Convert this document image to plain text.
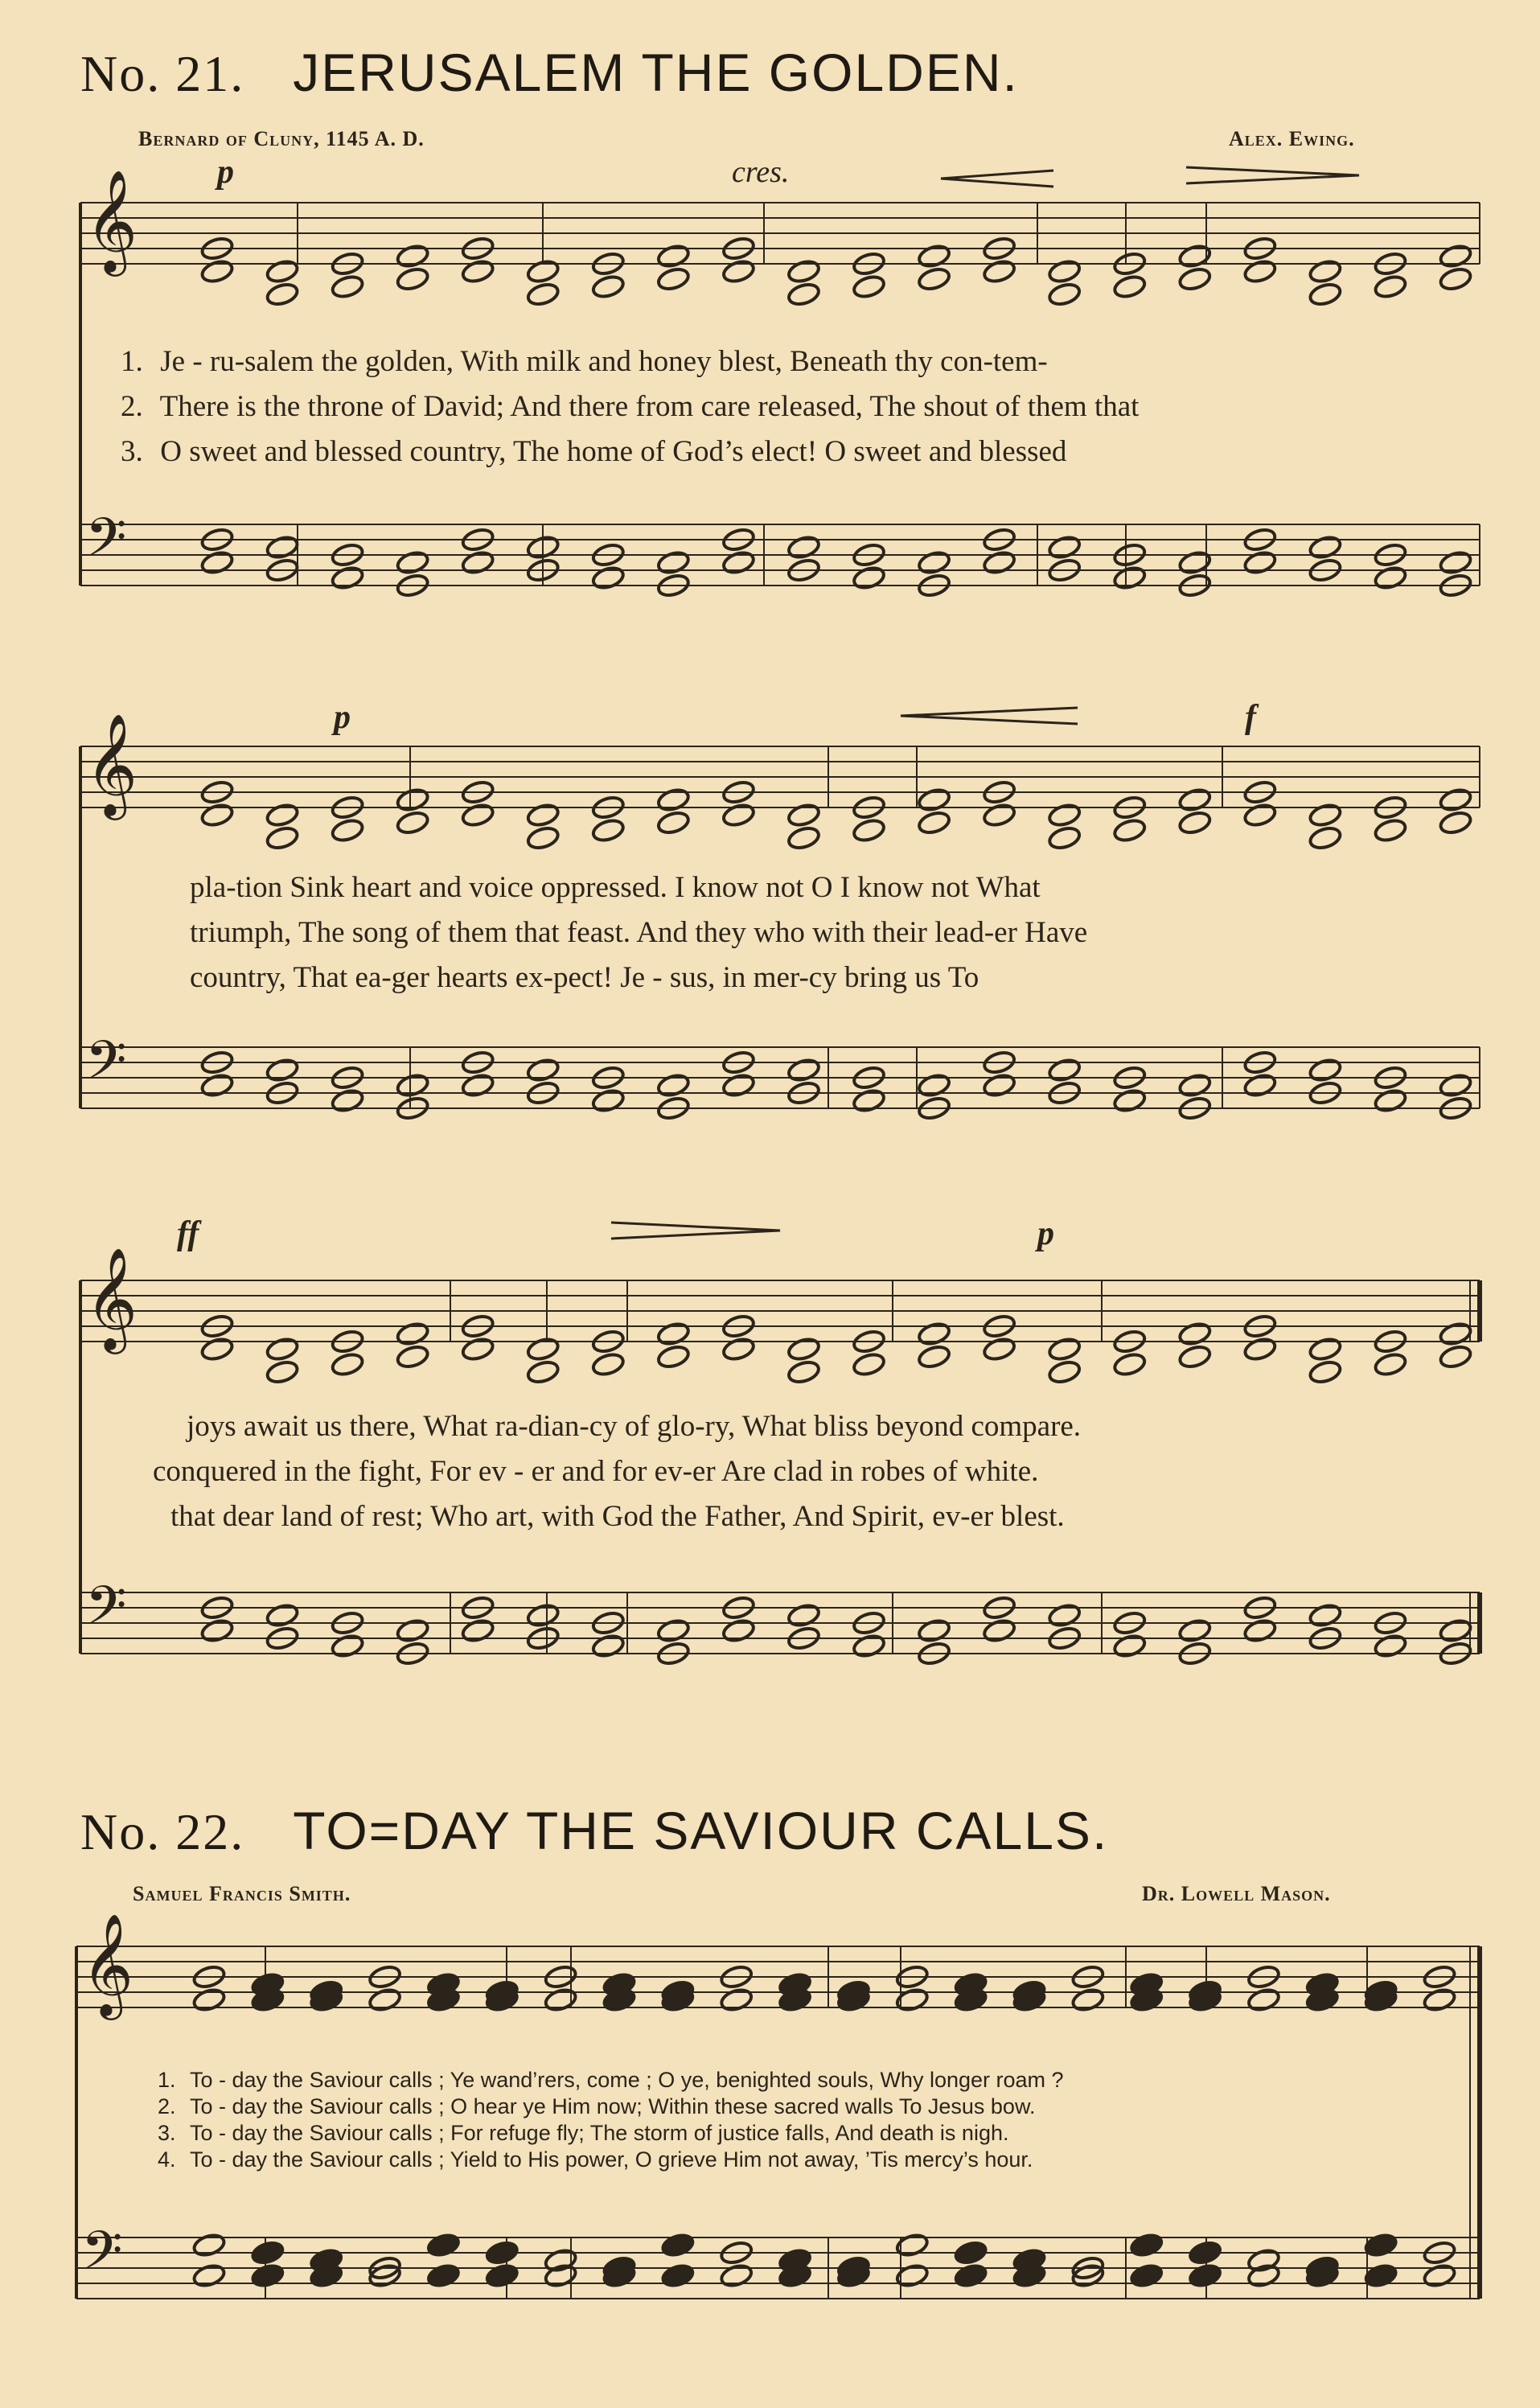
𝄞
𝄢
𝄞
𝄢
𝄞
𝄢
𝄞
𝄢
No. 21. JERUSALEM THE GOLDEN.
Bernard of Cluny, 1145 A. D.	Alex. Ewing.
p	cres.
p	f
ff	p
1. Je - ru-salem the golden, With milk and honey blest, Beneath thy con-tem-
2. There is the throne of David; And there from care released, The shout of them that
3. O sweet and blessed country, The home of God’s elect! O sweet and blessed
pla-tion Sink heart and voice oppressed. I know not O I know not What
triumph, The song of them that feast. And they who with their lead-er Have
country, That ea-ger hearts ex-pect! Je - sus, in mer-cy bring us To
joys await us there, What ra-dian-cy of glo-ry, What bliss beyond compare.
conquered in the fight, For ev - er and for ev-er Are clad in robes of white.
that dear land of rest; Who art, with God the Father, And Spirit, ev-er blest.
No. 22. TO=DAY THE SAVIOUR CALLS.
Samuel Francis Smith.	Dr. Lowell Mason.
1. To - day the Saviour calls ; Ye wand’rers, come ; O ye, benighted souls, Why longer roam ?
2. To - day the Saviour calls ; O hear ye Him now; Within these sacred walls To Jesus bow.
3. To - day the Saviour calls ; For refuge fly; The storm of justice falls, And death is nigh.
4. To - day the Saviour calls ; Yield to His power, O grieve Him not away, ’Tis mercy’s hour.
